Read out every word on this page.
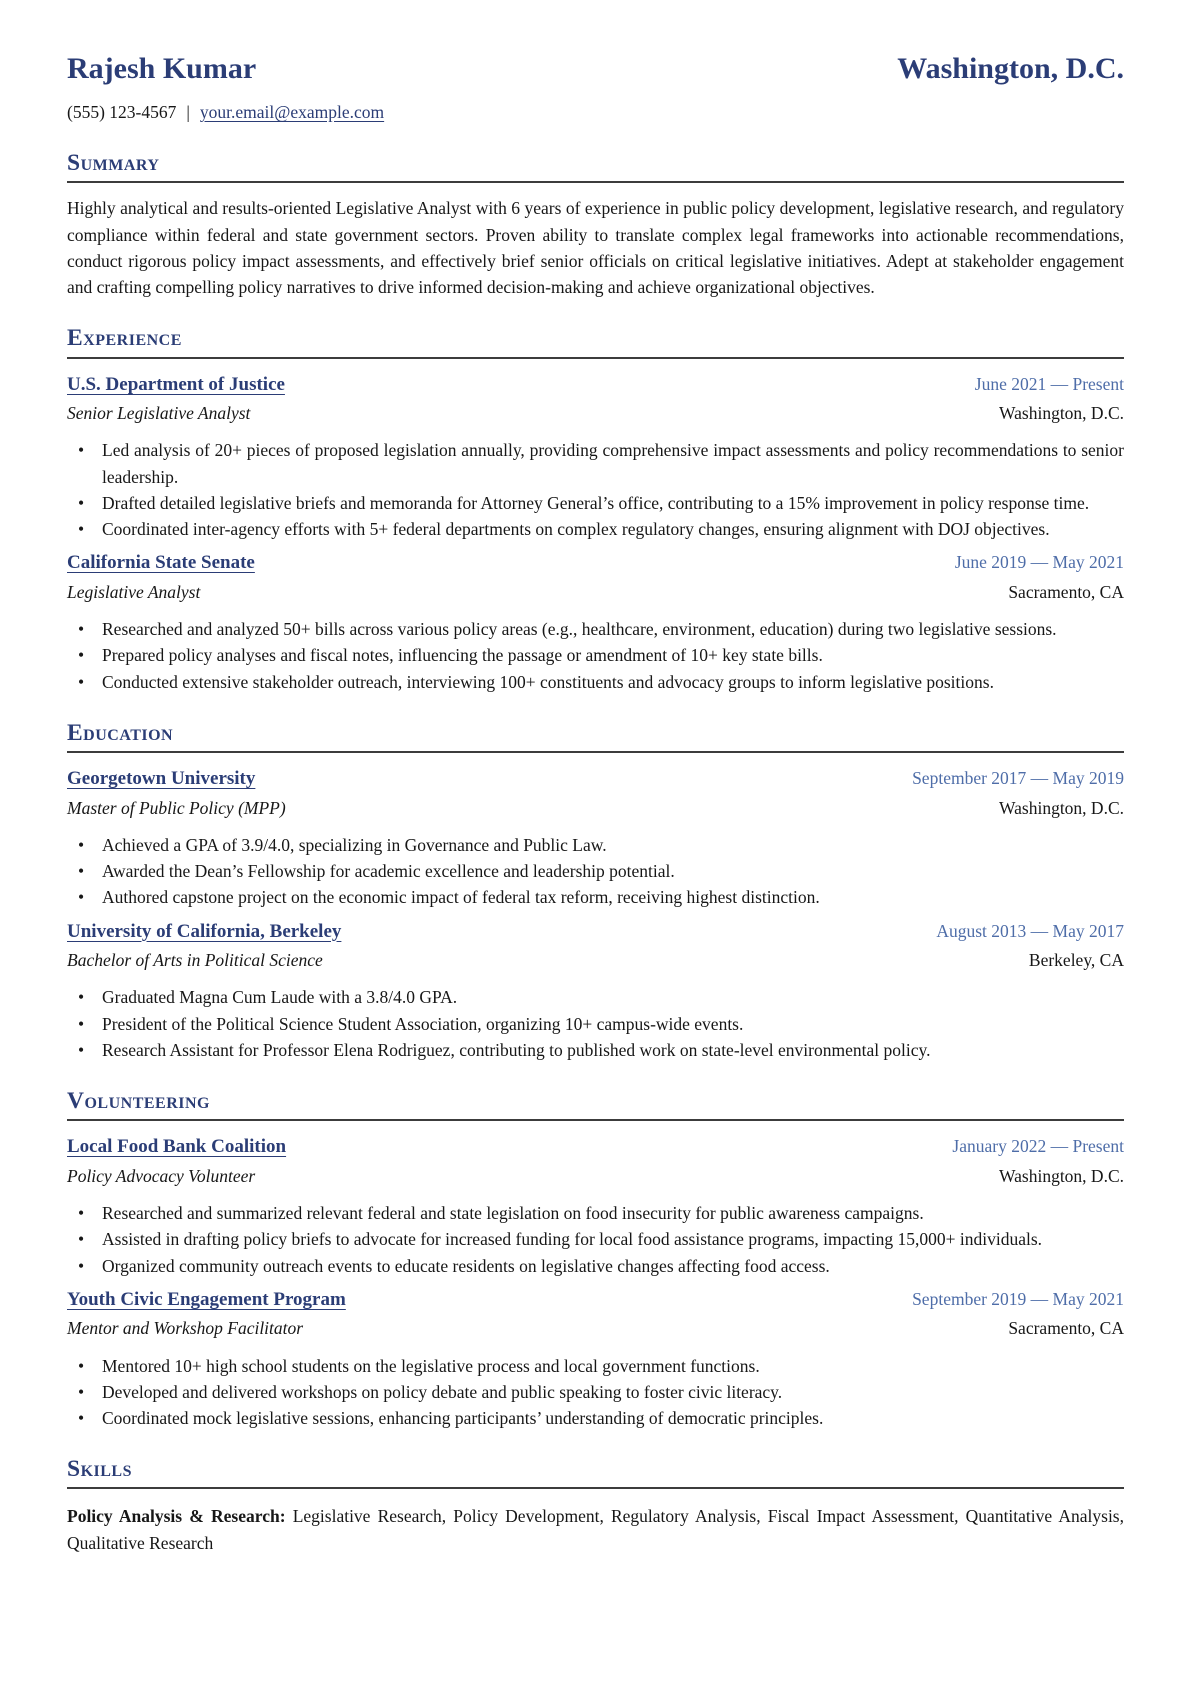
Rajesh Kumar	Washington, D.C.
(555) 123-4567 | your.email@example.com
Summary

Highly analytical and results-oriented Legislative Analyst with 6 years of experience in public policy development, legislative research, and regulatory compliance within federal and state government sectors. Proven ability to translate complex legal frameworks into actionable recommendations, conduct rigorous policy impact assessments, and effectively brief senior officials on critical legislative initiatives. Adept at stakeholder engagement and crafting compelling policy narratives to drive informed decision-making and achieve organizational objectives.

Experience
U.S. Department of Justice	June 2021 — Present
Senior Legislative Analyst	Washington, D.C.
• Led analysis of 20+ pieces of proposed legislation annually, providing comprehensive impact assessments and policy recommendations to senior leadership.
• Drafted detailed legislative briefs and memoranda for Attorney General’s office, contributing to a 15% improvement in policy response time.
• Coordinated inter-agency efforts with 5+ federal departments on complex regulatory changes, ensuring alignment with DOJ objectives.
California State Senate	June 2019 — May 2021
Legislative Analyst	Sacramento, CA
• Researched and analyzed 50+ bills across various policy areas (e.g., healthcare, environment, education) during two legislative sessions.
• Prepared policy analyses and fiscal notes, influencing the passage or amendment of 10+ key state bills.
• Conducted extensive stakeholder outreach, interviewing 100+ constituents and advocacy groups to inform legislative positions.
Education
Georgetown University	September 2017 — May 2019
Master of Public Policy (MPP)	Washington, D.C.
• Achieved a GPA of 3.9/4.0, specializing in Governance and Public Law.
• Awarded the Dean’s Fellowship for academic excellence and leadership potential.
• Authored capstone project on the economic impact of federal tax reform, receiving highest distinction.
University of California, Berkeley	August 2013 — May 2017
Bachelor of Arts in Political Science	Berkeley, CA
• Graduated Magna Cum Laude with a 3.8/4.0 GPA.
• President of the Political Science Student Association, organizing 10+ campus-wide events.
• Research Assistant for Professor Elena Rodriguez, contributing to published work on state-level environmental policy.
Volunteering
Local Food Bank Coalition	January 2022 — Present
Policy Advocacy Volunteer	Washington, D.C.
• Researched and summarized relevant federal and state legislation on food insecurity for public awareness campaigns.
• Assisted in drafting policy briefs to advocate for increased funding for local food assistance programs, impacting 15,000+ individuals.
• Organized community outreach events to educate residents on legislative changes affecting food access.
Youth Civic Engagement Program	September 2019 — May 2021
Mentor and Workshop Facilitator	Sacramento, CA
• Mentored 10+ high school students on the legislative process and local government functions.
• Developed and delivered workshops on policy debate and public speaking to foster civic literacy.
• Coordinated mock legislative sessions, enhancing participants’ understanding of democratic principles.
Skills

Policy Analysis & Research: Legislative Research, Policy Development, Regulatory Analysis, Fiscal Impact Assessment, Quantitative Analysis, Qualitative Research
